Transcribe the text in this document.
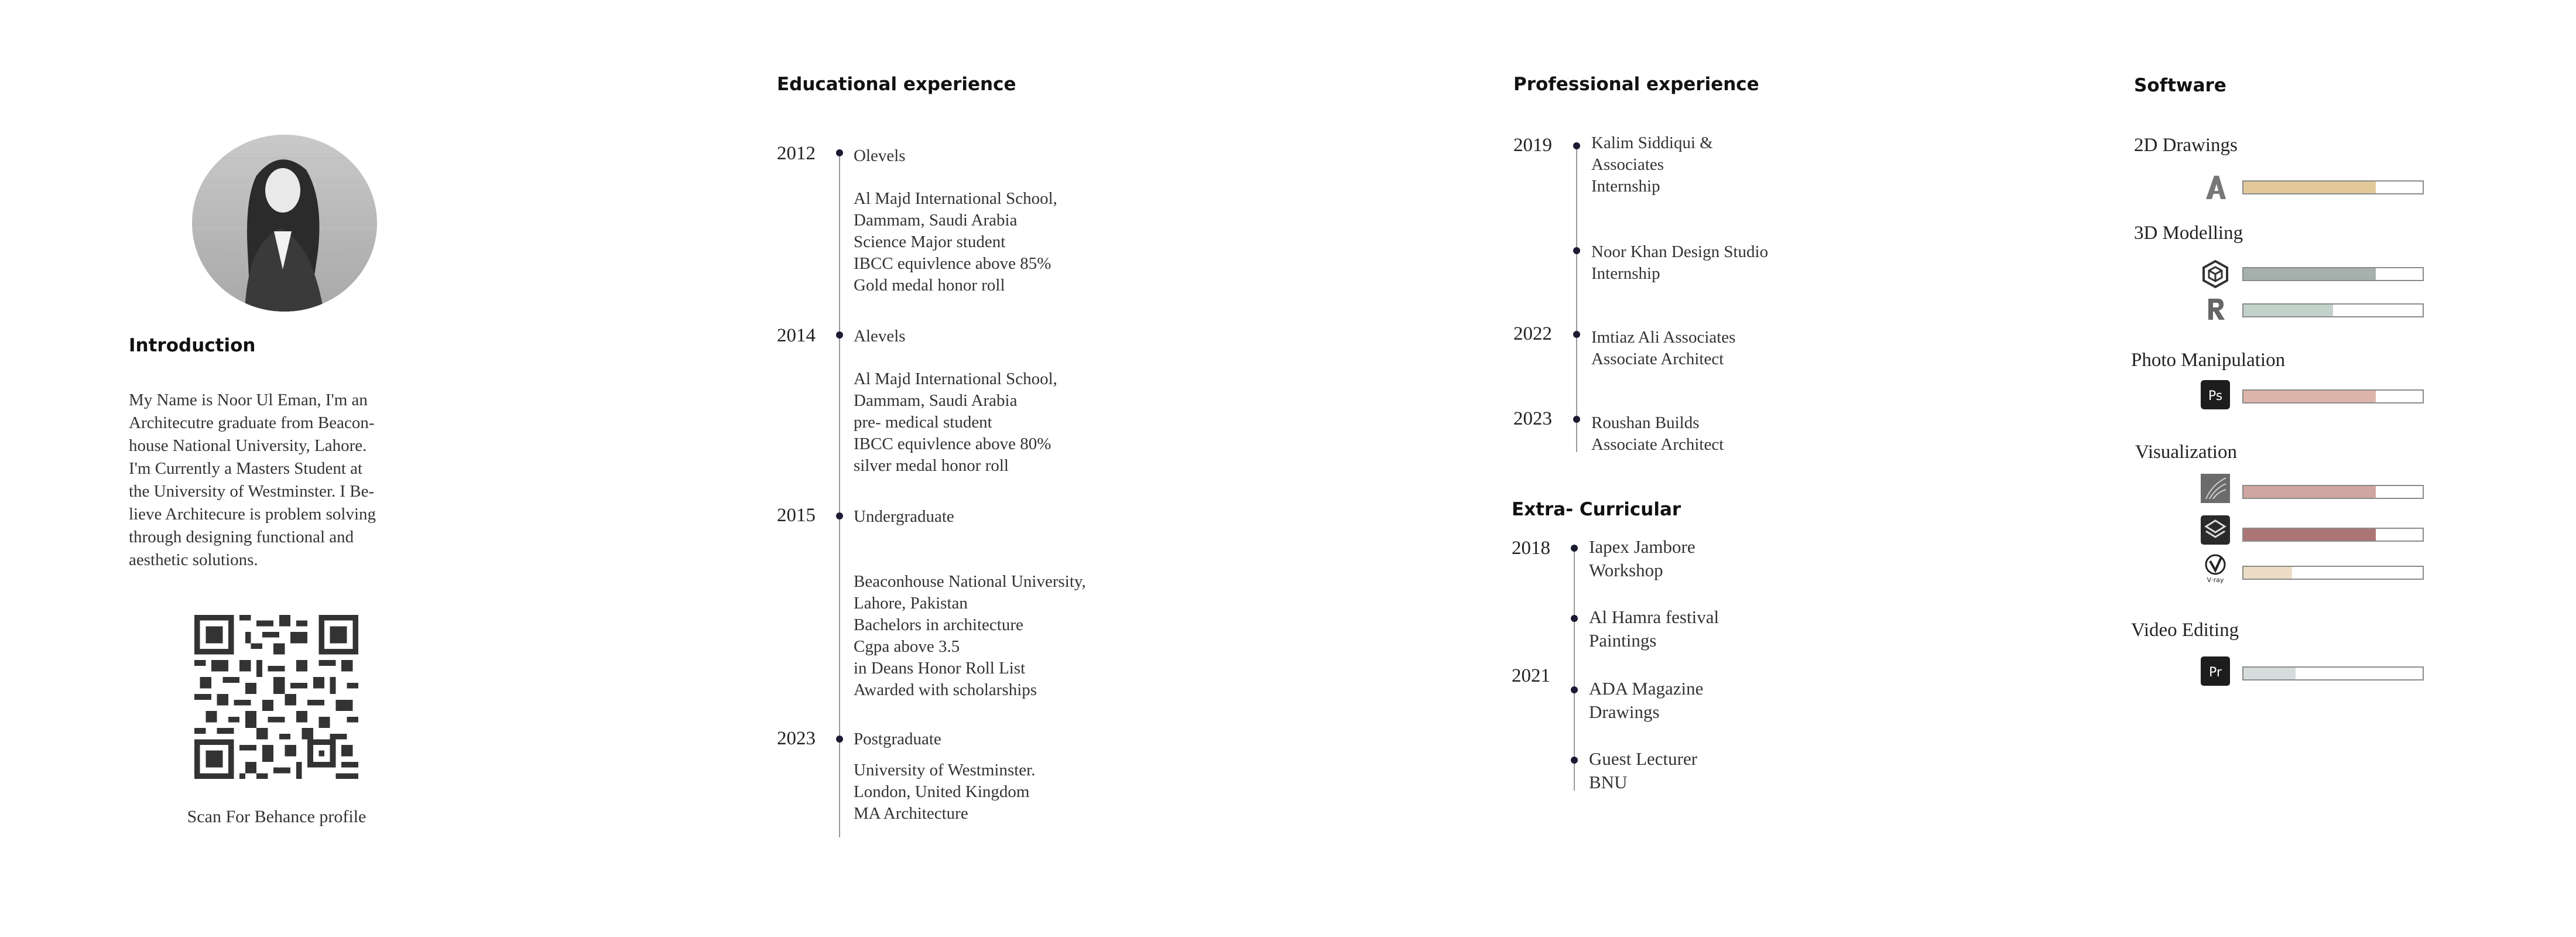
Introduction
My Name is Noor Ul Eman, I'm an
Architecutre graduate from Beacon-
house National University, Lahore.
I'm Currently a Masters Student at
the University of Westminster. I Be-
lieve Architecure is problem solving
through designing functional and
aesthetic solutions.
Scan For Behance profile
Educational experience
2012 Olevels
Al Majd International School,
Dammam, Saudi Arabia
Science Major student
IBCC equivlence above 85%
Gold medal honor roll
2014 Alevels
Al Majd International School,
Dammam, Saudi Arabia
pre- medical student
IBCC equivlence above 80%
silver medal honor roll
2015 Undergraduate
Beaconhouse National University,
Lahore, Pakistan
Bachelors in architecture
Cgpa above 3.5
in Deans Honor Roll List
Awarded with scholarships
2023 Postgraduate
University of Westminster.
London, United Kingdom
MA Architecture
Professional experience
2019 Kalim Siddiqui &
Associates
Internship
Noor Khan Design Studio
Internship
2022 Imtiaz Ali Associates
Associate Architect
2023 Roushan Builds
Associate Architect
Extra- Curricular
2018 Iapex Jambore
Workshop
Al Hamra festival
Paintings
2021
ADA Magazine
Drawings
Guest Lecturer
BNU
Software
2D Drawings
3D Modelling
Photo Manipulation
Visualization
Video Editing
Ps
V·ray
Pr
